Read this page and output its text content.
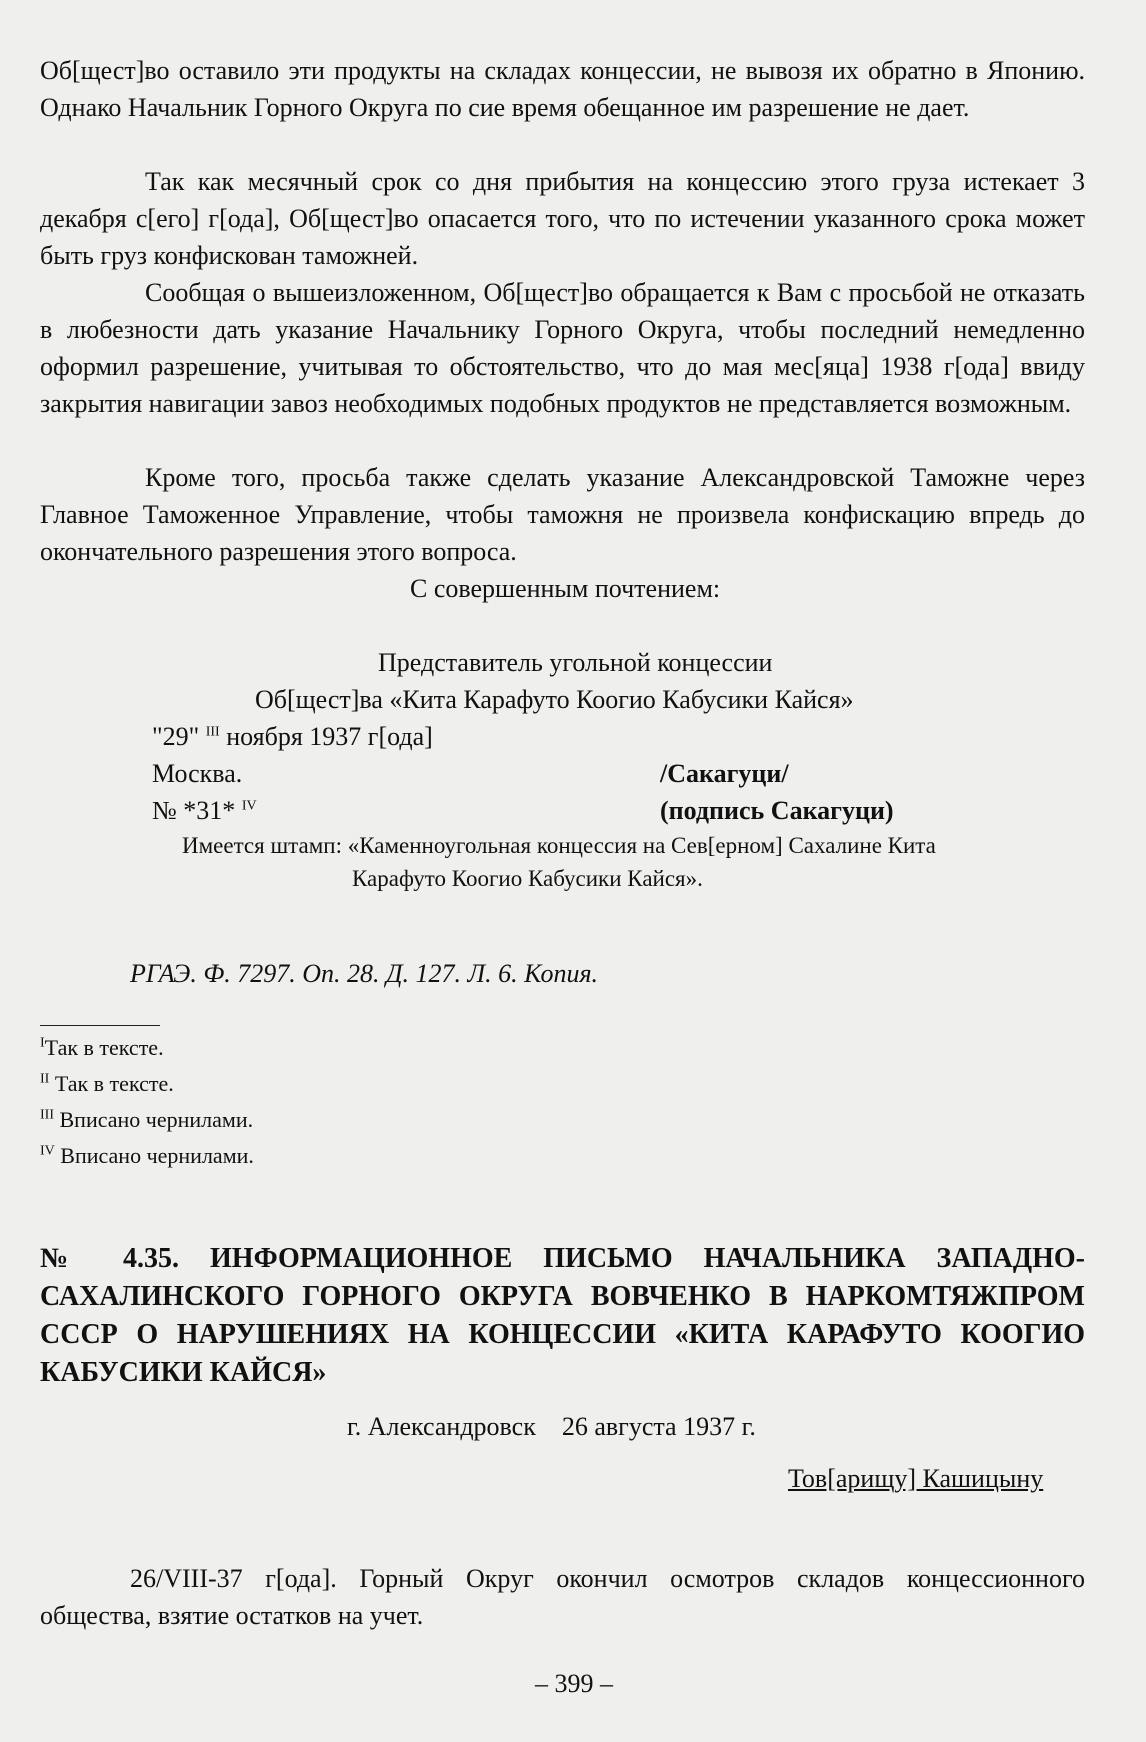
Об[щест]во оставило эти продукты на складах концессии, не вывозя их обратно в Японию. Однако Начальник Горного Округа по сие время обещанное им разрешение не дает.

Так как месячный срок со дня прибытия на концессию этого груза истекает 3 декабря с[его] г[ода], Об[щест]во опасается того, что по истечении указанного срока может быть груз конфискован таможней.

Сообщая о вышеизложенном, Об[щест]во обращается к Вам с просьбой не отказать в любезности дать указание Начальнику Горного Округа, чтобы последний немедленно оформил разрешение, учитывая то обстоятельство, что до мая мес[яца] 1938 г[ода] ввиду закрытия навигации завоз необходимых подобных продуктов не представляется возможным.

Кроме того, просьба также сделать указание Александровской Таможне через Главное Таможенное Управление, чтобы таможня не произвела конфискацию впредь до окончательного разрешения этого вопроса.

С совершенным почтением:
Представитель угольной концессии
Об[щест]ва «Кита Карафуто Коогио Кабусики Кайся»
"29" $^{III}$ ноября 1937 г[ода]
Москва.	/Сакагуци/
№ *31* $^{IV}$	(подпись Сакагуци)
Имеется штамп: «Каменноугольная концессия на Сев[ерном] Сахалине Кита
Карафуто Коогио Кабусики Кайся».
РГАЭ. Ф. 7297. Оп. 28. Д. 127. Л. 6. Копия.
$^I$Так в тексте.
$^{II}$ Так в тексте.
$^{III}$ Вписано чернилами.
$^{IV}$ Вписано чернилами.

№ 4.35. ИНФОРМАЦИОННОЕ ПИСЬМО НАЧАЛЬНИКА ЗАПАДНО-САХАЛИНСКОГО ГОРНОГО ОКРУГА ВОВЧЕНКО В НАРКОМТЯЖПРОМ СССР О НАРУШЕНИЯХ НА КОНЦЕССИИ «КИТА КАРАФУТО КООГИО КАБУСИКИ КАЙСЯ»

г. Александровск    26 августа 1937 г.
Тов[арищу] Кашицыну

26/VIII-37 г[ода]. Горный Округ окончил осмотров складов концессионного общества, взятие остатков на учет.

– 399 –
